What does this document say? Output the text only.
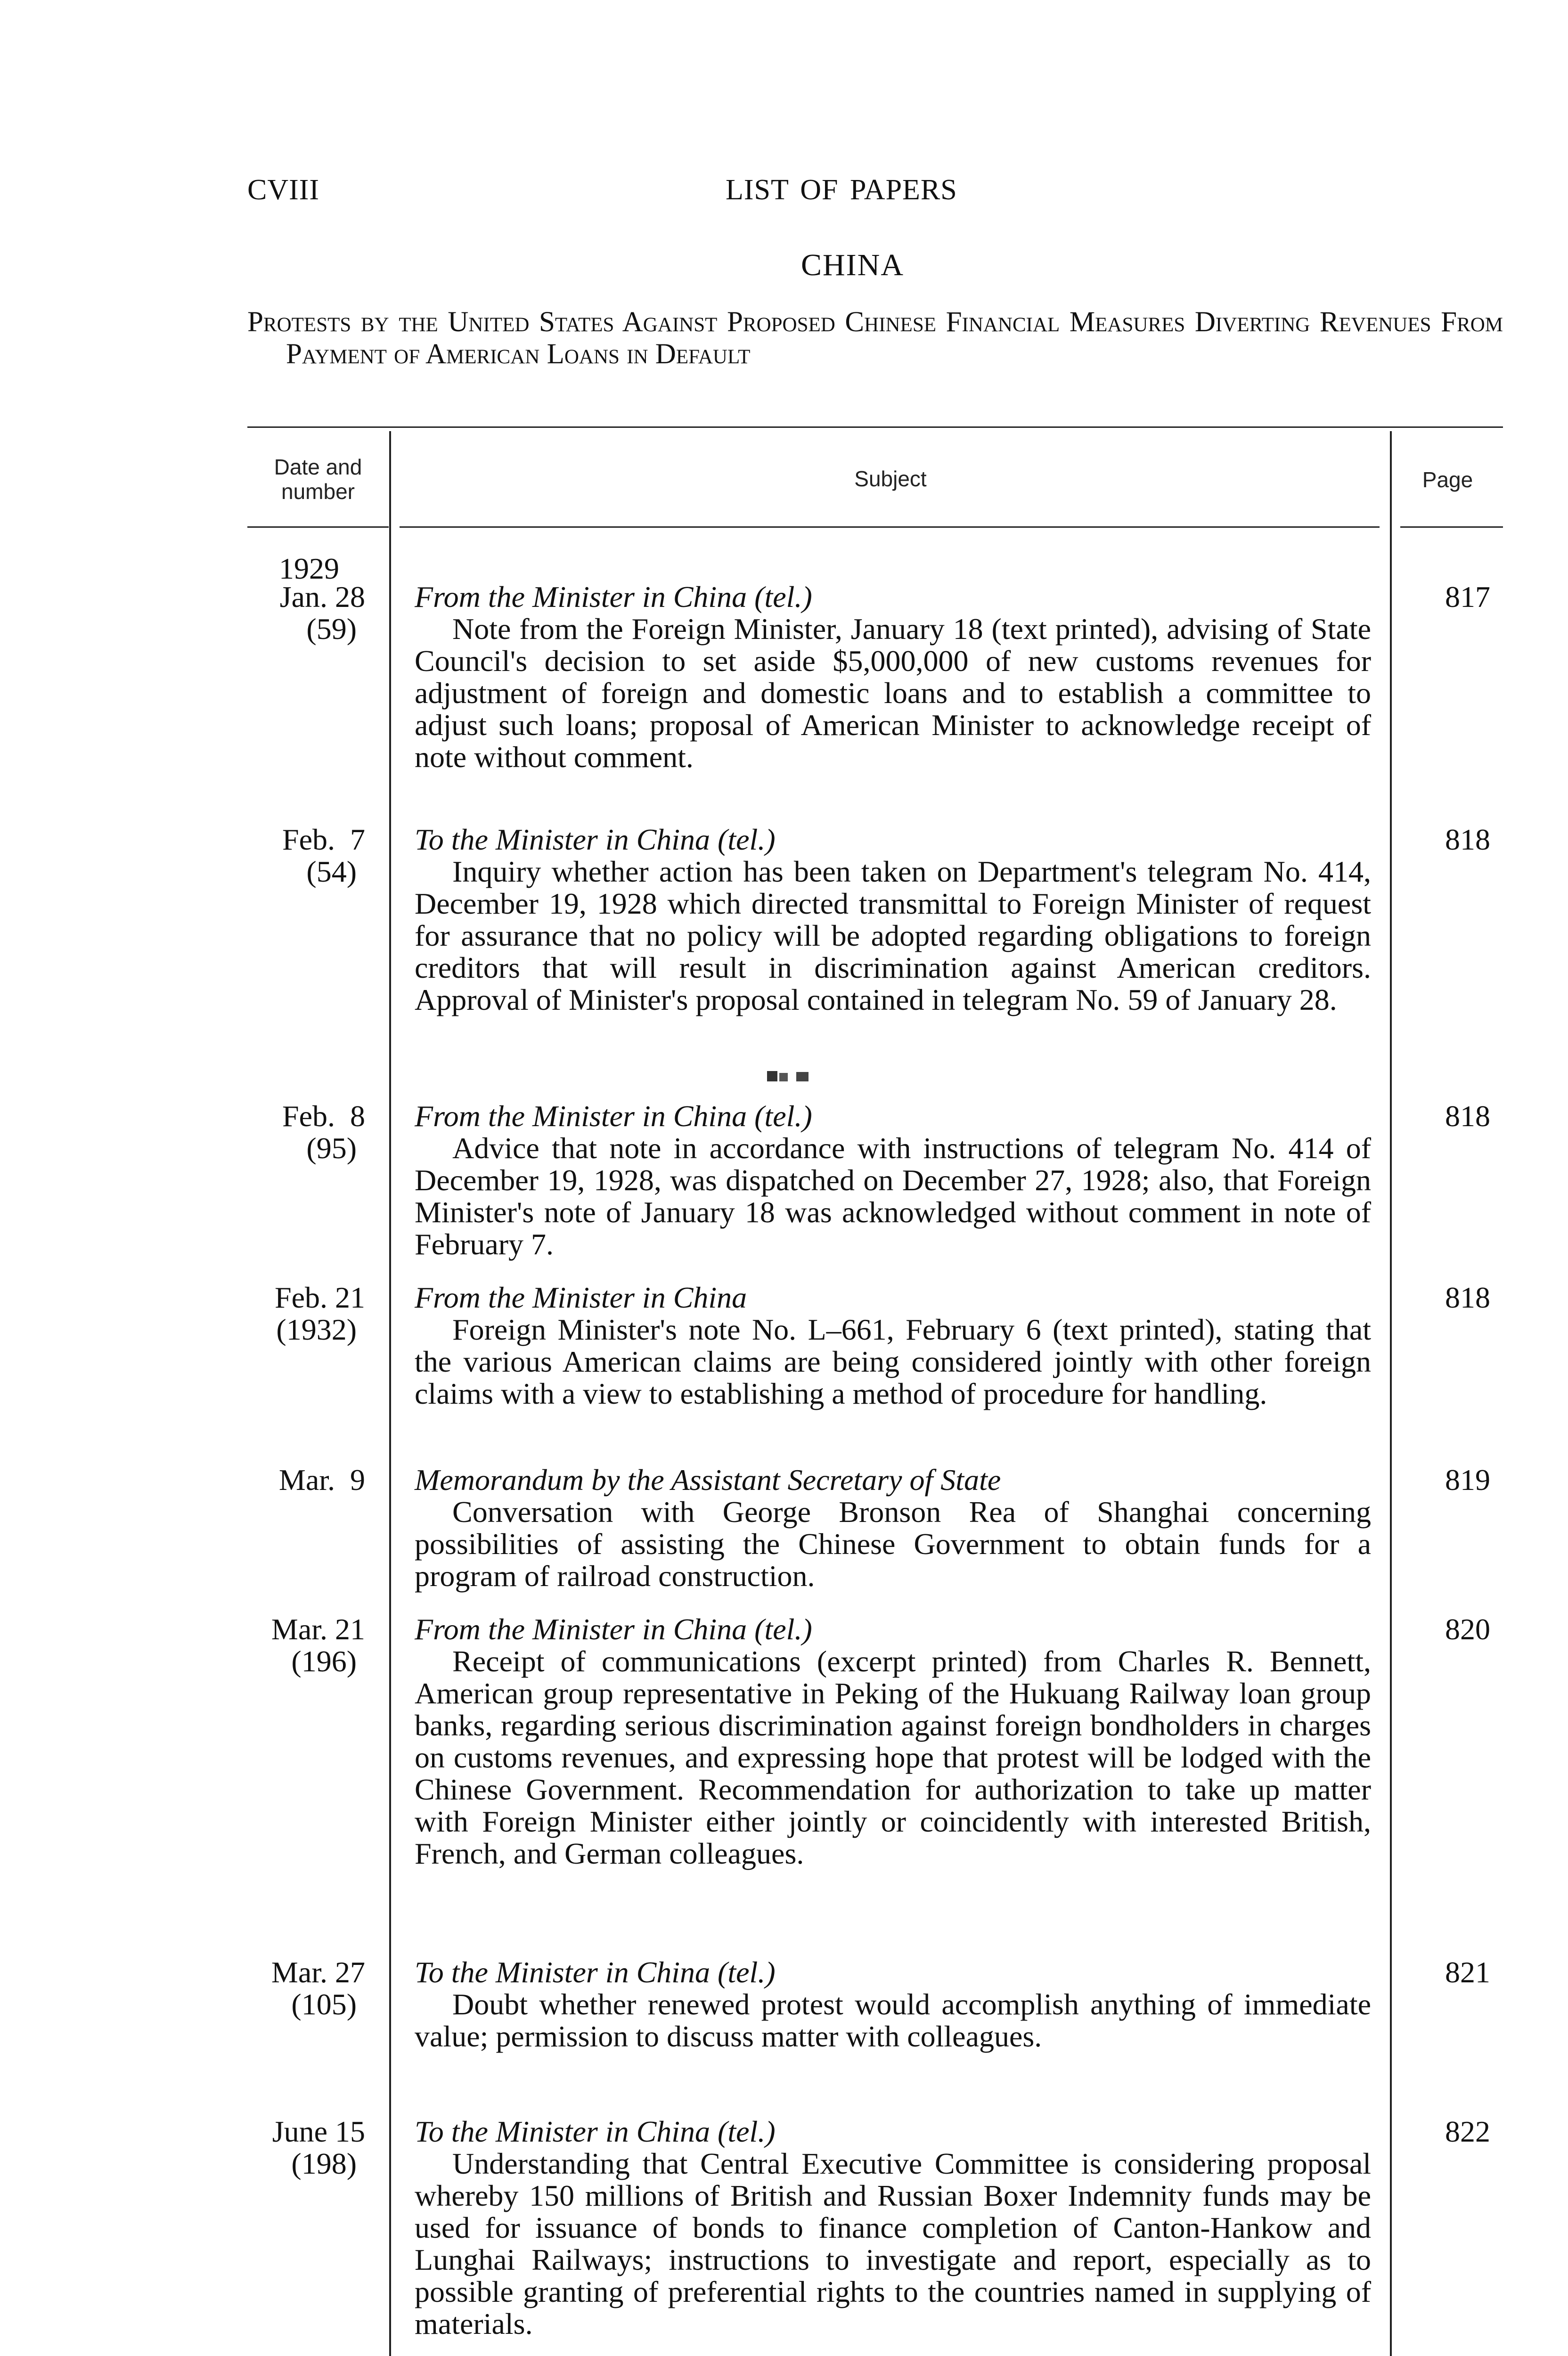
CVIII	LIST OF PAPERS
CHINA
Protests by the United States Against Proposed Chinese Financial Measures Diverting Revenues From Payment of American Loans in Default
Date and
number
Subject	Page
1929
Jan. 28
(59)
From the Minister in China (tel.)
Note from the Foreign Minister, January 18 (text printed), advising of State Council's decision to set aside $5,000,000 of new customs revenues for adjustment of foreign and domestic loans and to establish a committee to adjust such loans; proposal of American Minister to acknowledge receipt of note without comment.
817
Feb.  7
(54)
To the Minister in China (tel.)
Inquiry whether action has been taken on Department's telegram No. 414, December 19, 1928 which directed transmittal to Foreign Minister of request for assurance that no policy will be adopted regarding obligations to foreign creditors that will result in discrimination against American creditors. Approval of Minister's proposal contained in telegram No. 59 of January 28.
818
Feb.  8
(95)
From the Minister in China (tel.)
Advice that note in accordance with instructions of telegram No. 414 of December 19, 1928, was dispatched on December 27, 1928; also, that Foreign Minister's note of January 18 was acknowledged without comment in note of February 7.
818
Feb. 21
(1932)
From the Minister in China
Foreign Minister's note No. L–661, February 6 (text printed), stating that the various American claims are being considered jointly with other foreign claims with a view to establishing a method of procedure for handling.
818
Mar.  9 Memorandum by the Assistant Secretary of State
Conversation with George Bronson Rea of Shanghai concerning possibilities of assisting the Chinese Government to obtain funds for a program of railroad construction.
819
Mar. 21
(196)
From the Minister in China (tel.)
Receipt of communications (excerpt printed) from Charles R. Bennett, American group representative in Peking of the Hukuang Railway loan group banks, regarding serious discrimination against foreign bondholders in charges on customs revenues, and expressing hope that protest will be lodged with the Chinese Government. Recommendation for authorization to take up matter with Foreign Minister either jointly or coincidently with interested British, French, and German colleagues.
820
Mar. 27
(105)
To the Minister in China (tel.)
Doubt whether renewed protest would accomplish anything of immediate value; permission to discuss matter with colleagues.
821
June 15
(198)
To the Minister in China (tel.)
Understanding that Central Executive Committee is considering proposal whereby 150 millions of British and Russian Boxer Indemnity funds may be used for issuance of bonds to finance completion of Canton-Hankow and Lunghai Railways; instructions to investigate and report, especially as to possible granting of preferential rights to the countries named in supplying of materials.
822
